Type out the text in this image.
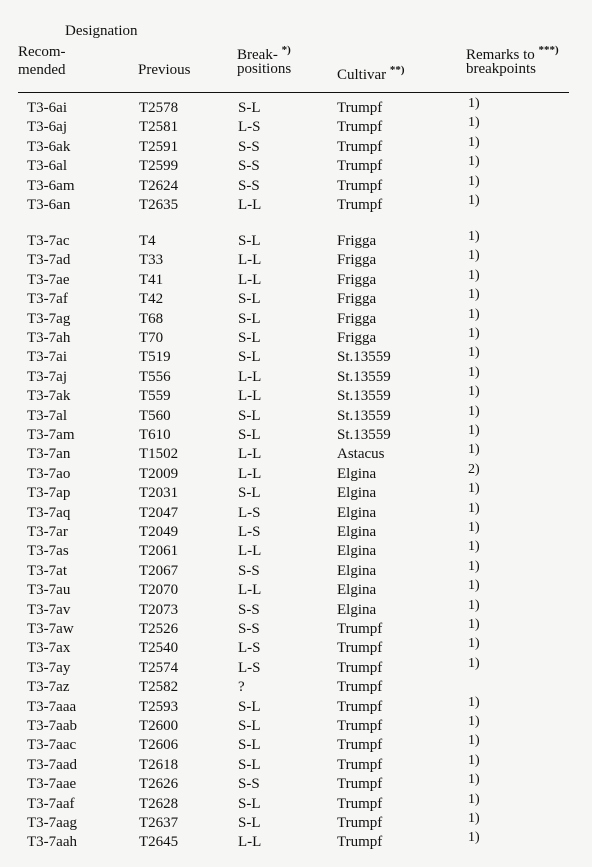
Designation
Recom-
mended	Previous
Break- *)
positions	Cultivar **)
Remarks to ***)
breakpoints
T3-6ai	T2578	S-L	Trumpf	1)
T3-6aj	T2581	L-S	Trumpf	1)
T3-6ak	T2591	S-S	Trumpf	1)
T3-6al	T2599	S-S	Trumpf	1)
T3-6am	T2624	S-S	Trumpf	1)
T3-6an	T2635	L-L	Trumpf	1)
T3-7ac	T4	S-L	Frigga	1)
T3-7ad	T33	L-L	Frigga	1)
T3-7ae	T41	L-L	Frigga	1)
T3-7af	T42	S-L	Frigga	1)
T3-7ag	T68	S-L	Frigga	1)
T3-7ah	T70	S-L	Frigga	1)
T3-7ai	T519	S-L	St.13559	1)
T3-7aj	T556	L-L	St.13559	1)
T3-7ak	T559	L-L	St.13559	1)
T3-7al	T560	S-L	St.13559	1)
T3-7am	T610	S-L	St.13559	1)
T3-7an	T1502	L-L	Astacus	1)
T3-7ao	T2009	L-L	Elgina	2)
T3-7ap	T2031	S-L	Elgina	1)
T3-7aq	T2047	L-S	Elgina	1)
T3-7ar	T2049	L-S	Elgina	1)
T3-7as	T2061	L-L	Elgina	1)
T3-7at	T2067	S-S	Elgina	1)
T3-7au	T2070	L-L	Elgina	1)
T3-7av	T2073	S-S	Elgina	1)
T3-7aw	T2526	S-S	Trumpf	1)
T3-7ax	T2540	L-S	Trumpf	1)
T3-7ay	T2574	L-S	Trumpf	1)
T3-7az	T2582	?	Trumpf
T3-7aaa	T2593	S-L	Trumpf	1)
T3-7aab	T2600	S-L	Trumpf	1)
T3-7aac	T2606	S-L	Trumpf	1)
T3-7aad	T2618	S-L	Trumpf	1)
T3-7aae	T2626	S-S	Trumpf	1)
T3-7aaf	T2628	S-L	Trumpf	1)
T3-7aag	T2637	S-L	Trumpf	1)
T3-7aah	T2645	L-L	Trumpf	1)
